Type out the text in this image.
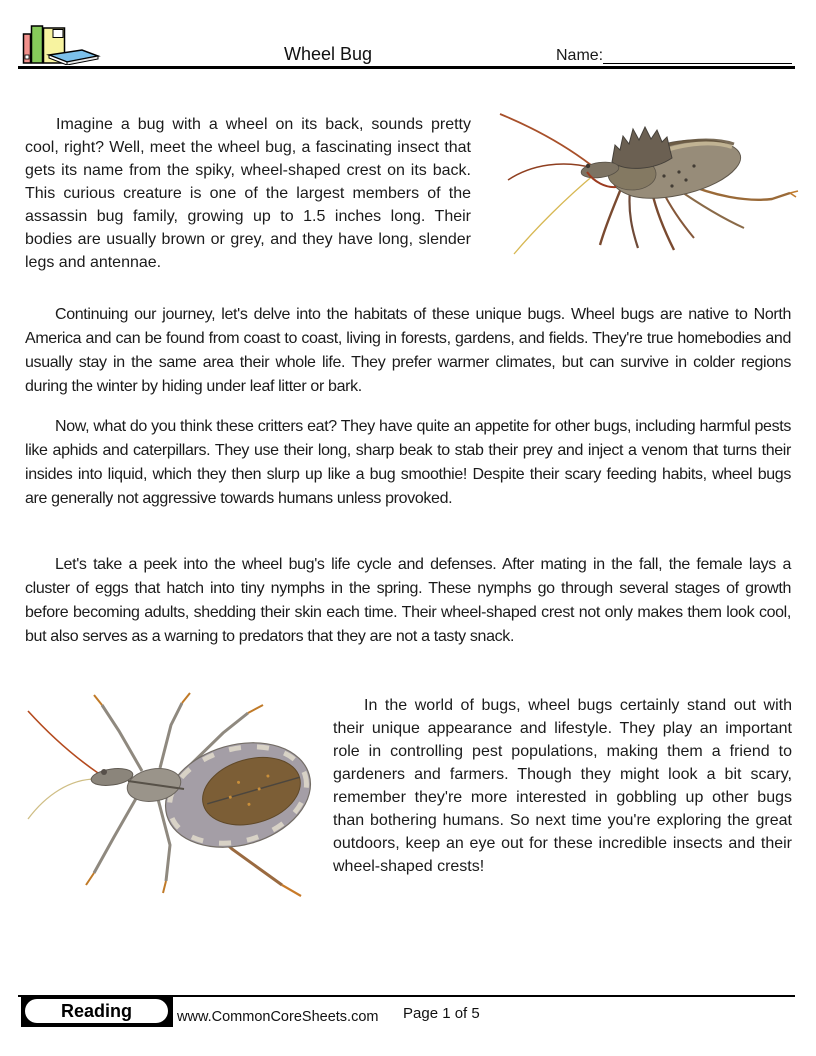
Wheel Bug	Name:

Imagine a bug with a wheel on its back, sounds pretty cool, right? Well, meet the wheel bug, a fascinating insect that gets its name from the spiky, wheel-shaped crest on its back. This curious creature is one of the largest members of the assassin bug family, growing up to 1.5 inches long. Their bodies are usually brown or grey, and they have long, slender legs and antennae.

Continuing our journey, let's delve into the habitats of these unique bugs. Wheel bugs are native to North America and can be found from coast to coast, living in forests, gardens, and fields. They're true homebodies and usually stay in the same area their whole life. They prefer warmer climates, but can survive in colder regions during the winter by hiding under leaf litter or bark.

Now, what do you think these critters eat? They have quite an appetite for other bugs, including harmful pests like aphids and caterpillars. They use their long, sharp beak to stab their prey and inject a venom that turns their insides into liquid, which they then slurp up like a bug smoothie! Despite their scary feeding habits, wheel bugs are generally not aggressive towards humans unless provoked.

Let's take a peek into the wheel bug's life cycle and defenses. After mating in the fall, the female lays a cluster of eggs that hatch into tiny nymphs in the spring. These nymphs go through several stages of growth before becoming adults, shedding their skin each time. Their wheel-shaped crest not only makes them look cool, but also serves as a warning to predators that they are not a tasty snack.

In the world of bugs, wheel bugs certainly stand out with their unique appearance and lifestyle. They play an important role in controlling pest populations, making them a friend to gardeners and farmers. Though they might look a bit scary, remember they're more interested in gobbling up other bugs than bothering humans. So next time you're exploring the great outdoors, keep an eye out for these incredible insects and their wheel-shaped crests!

Reading	www.CommonCoreSheets.com Page 1 of 5
